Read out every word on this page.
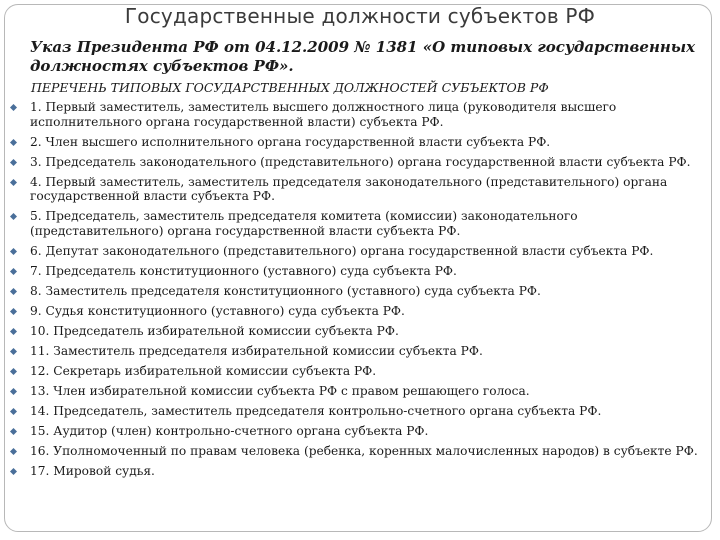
Государственные должности субъектов РФ
Указ Президента РФ от 04.12.2009 № 1381 «О типовых государственных должностях субъектов РФ».
ПЕРЕЧЕНЬ ТИПОВЫХ ГОСУДАРСТВЕННЫХ ДОЛЖНОСТЕЙ СУБЪЕКТОВ РФ
1. Первый заместитель, заместитель высшего должностного лица (руководителя высшего исполнительного органа государственной власти) субъекта РФ.
2. Член высшего исполнительного органа государственной власти субъекта РФ.
3. Председатель законодательного (представительного) органа государственной власти субъекта РФ.
4. Первый заместитель, заместитель председателя законодательного (представительного) органа государственной власти субъекта РФ.
5. Председатель, заместитель председателя комитета (комиссии) законодательного (представительного) органа государственной власти субъекта РФ.
6. Депутат законодательного (представительного) органа государственной власти субъекта РФ.
7. Председатель конституционного (уставного) суда субъекта РФ.
8. Заместитель председателя конституционного (уставного) суда субъекта РФ.
9. Судья конституционного (уставного) суда субъекта РФ.
10. Председатель избирательной комиссии субъекта РФ.
11. Заместитель председателя избирательной комиссии субъекта РФ.
12. Секретарь избирательной комиссии субъекта РФ.
13. Член избирательной комиссии субъекта РФ с правом решающего голоса.
14. Председатель, заместитель председателя контрольно-счетного органа субъекта РФ.
15. Аудитор (член) контрольно-счетного органа субъекта РФ.
16. Уполномоченный по правам человека (ребенка, коренных малочисленных народов) в субъекте РФ.
17. Мировой судья.
